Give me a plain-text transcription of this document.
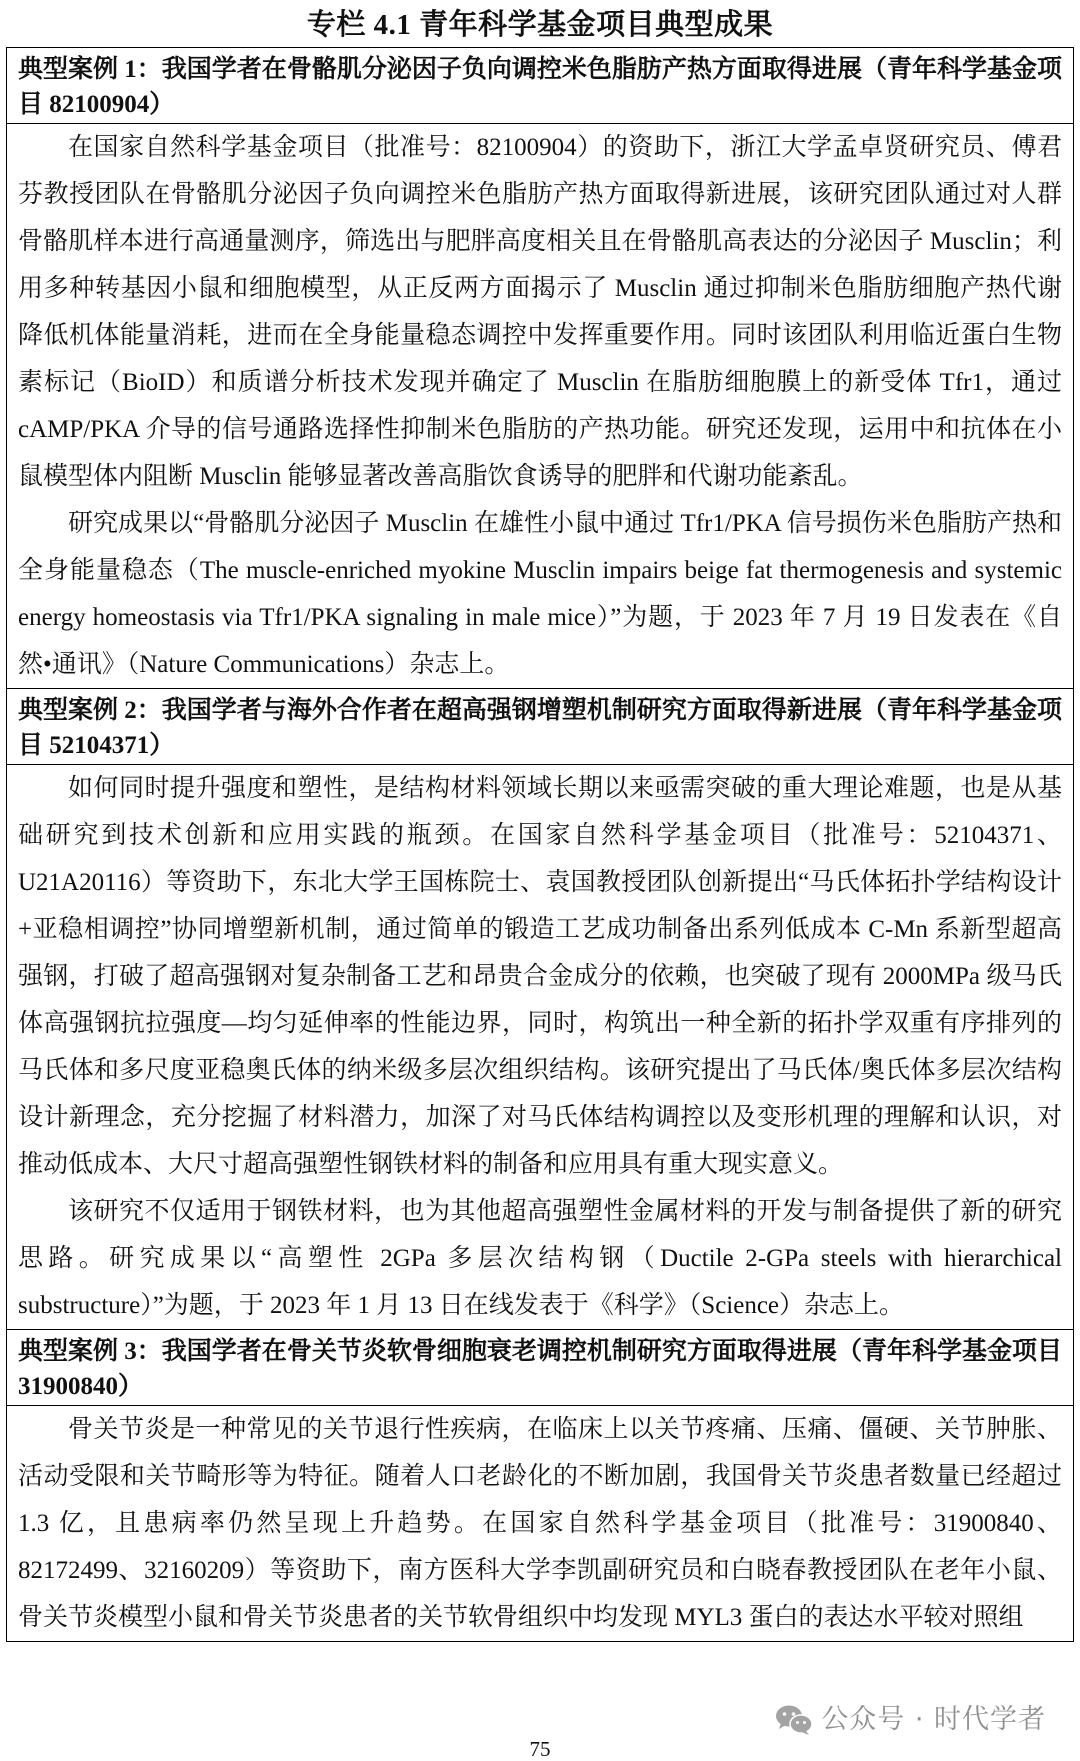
专栏 4.1 青年科学基金项目典型成果
典型案例 1：我国学者在骨骼肌分泌因子负向调控米色脂肪产热方面取得进展（青年科学基金项目 82100904）

在国家自然科学基金项目（批准号：82100904）的资助下，浙江大学孟卓贤研究员、傅君芬教授团队在骨骼肌分泌因子负向调控米色脂肪产热方面取得新进展，该研究团队通过对人群骨骼肌样本进行高通量测序，筛选出与肥胖高度相关且在骨骼肌高表达的分泌因子 Musclin；利用多种转基因小鼠和细胞模型，从正反两方面揭示了 Musclin 通过抑制米色脂肪细胞产热代谢降低机体能量消耗，进而在全身能量稳态调控中发挥重要作用。同时该团队利用临近蛋白生物素标记（BioID）和质谱分析技术发现并确定了 Musclin 在脂肪细胞膜上的新受体 Tfr1，通过 cAMP/PKA 介导的信号通路选择性抑制米色脂肪的产热功能。研究还发现，运用中和抗体在小鼠模型体内阻断 Musclin 能够显著改善高脂饮食诱导的肥胖和代谢功能紊乱。

研究成果以“骨骼肌分泌因子 Musclin 在雄性小鼠中通过 Tfr1/PKA 信号损伤米色脂肪产热和全身能量稳态（The muscle-enriched myokine Musclin impairs beige fat thermogenesis and systemic energy homeostasis via Tfr1/PKA signaling in male mice）”为题，于 2023 年 7 月 19 日发表在《自然•通讯》（Nature Communications）杂志上。

典型案例 2：我国学者与海外合作者在超高强钢增塑机制研究方面取得新进展（青年科学基金项目 52104371）

如何同时提升强度和塑性，是结构材料领域长期以来亟需突破的重大理论难题，也是从基础研究到技术创新和应用实践的瓶颈。在国家自然科学基金项目（批准号：52104371、U21A20116）等资助下，东北大学王国栋院士、袁国教授团队创新提出“马氏体拓扑学结构设计+亚稳相调控”协同增塑新机制，通过简单的锻造工艺成功制备出系列低成本 C-Mn 系新型超高强钢，打破了超高强钢对复杂制备工艺和昂贵合金成分的依赖，也突破了现有 2000MPa 级马氏体高强钢抗拉强度—均匀延伸率的性能边界，同时，构筑出一种全新的拓扑学双重有序排列的马氏体和多尺度亚稳奥氏体的纳米级多层次组织结构。该研究提出了马氏体/奥氏体多层次结构设计新理念，充分挖掘了材料潜力，加深了对马氏体结构调控以及变形机理的理解和认识，对推动低成本、大尺寸超高强塑性钢铁材料的制备和应用具有重大现实意义。

该研究不仅适用于钢铁材料，也为其他超高强塑性金属材料的开发与制备提供了新的研究思路。研究成果以“高塑性 2GPa 多层次结构钢（Ductile 2-GPa steels with hierarchical substructure）”为题，于 2023 年 1 月 13 日在线发表于《科学》（Science）杂志上。

典型案例 3：我国学者在骨关节炎软骨细胞衰老调控机制研究方面取得进展（青年科学基金项目 31900840）

骨关节炎是一种常见的关节退行性疾病，在临床上以关节疼痛、压痛、僵硬、关节肿胀、活动受限和关节畸形等为特征。随着人口老龄化的不断加剧，我国骨关节炎患者数量已经超过 1.3 亿，且患病率仍然呈现上升趋势。在国家自然科学基金项目（批准号：31900840、82172499、32160209）等资助下，南方医科大学李凯副研究员和白晓春教授团队在老年小鼠、骨关节炎模型小鼠和骨关节炎患者的关节软骨组织中均发现 MYL3 蛋白的表达水平较对照组

公众号 · 时代学者
75
